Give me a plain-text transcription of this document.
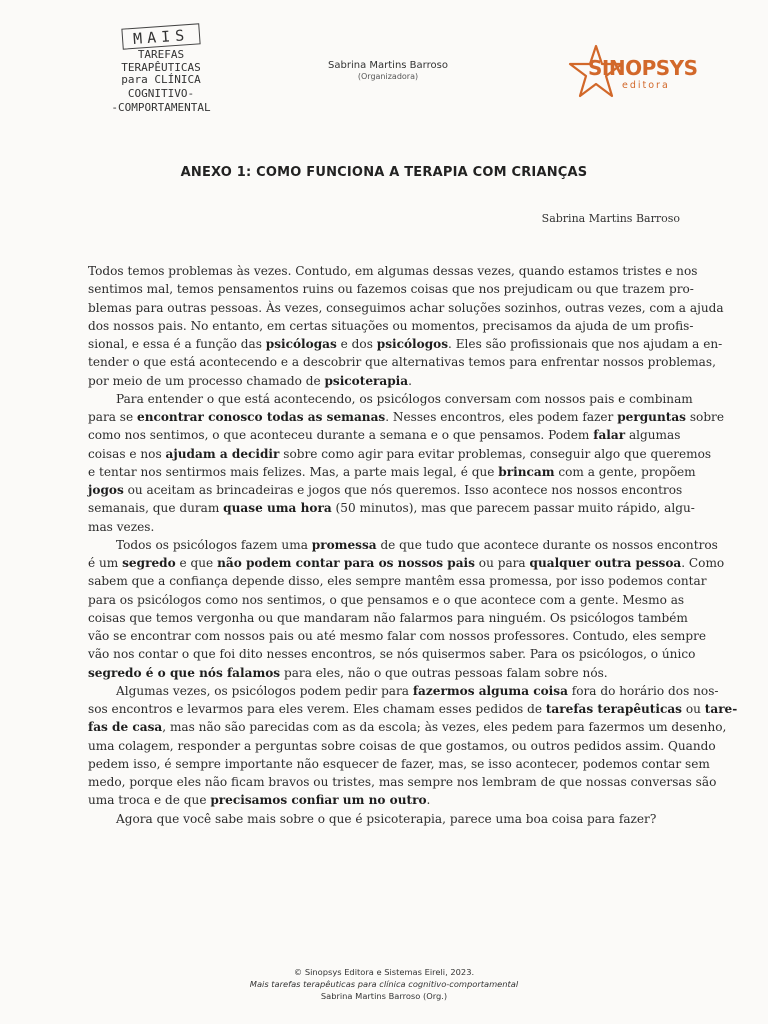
MAIS
TAREFAS
TERAPÊUTICAS
para CLÍNICA
COGNITIVO-
-COMPORTAMENTAL
Sabrina Martins Barroso
(Organizadora)	SINOPSYS
editora
ANEXO 1: COMO FUNCIONA A TERAPIA COM CRIANÇAS
Sabrina Martins Barroso
Todos temos problemas às vezes. Contudo, em algumas dessas vezes, quando estamos tristes e nos
sentimos mal, temos pensamentos ruins ou fazemos coisas que nos prejudicam ou que trazem pro-
blemas para outras pessoas. Às vezes, conseguimos achar soluções sozinhos, outras vezes, com a ajuda
dos nossos pais. No entanto, em certas situações ou momentos, precisamos da ajuda de um profis-
sional, e essa é a função das psicólogas e dos psicólogos. Eles são profissionais que nos ajudam a en-
tender o que está acontecendo e a descobrir que alternativas temos para enfrentar nossos problemas,
por meio de um processo chamado de psicoterapia.
Para entender o que está acontecendo, os psicólogos conversam com nossos pais e combinam
para se encontrar conosco todas as semanas. Nesses encontros, eles podem fazer perguntas sobre
como nos sentimos, o que aconteceu durante a semana e o que pensamos. Podem falar algumas
coisas e nos ajudam a decidir sobre como agir para evitar problemas, conseguir algo que queremos
e tentar nos sentirmos mais felizes. Mas, a parte mais legal, é que brincam com a gente, propõem
jogos ou aceitam as brincadeiras e jogos que nós queremos. Isso acontece nos nossos encontros
semanais, que duram quase uma hora (50 minutos), mas que parecem passar muito rápido, algu-
mas vezes.
Todos os psicólogos fazem uma promessa de que tudo que acontece durante os nossos encontros
é um segredo e que não podem contar para os nossos pais ou para qualquer outra pessoa. Como
sabem que a confiança depende disso, eles sempre mantêm essa promessa, por isso podemos contar
para os psicólogos como nos sentimos, o que pensamos e o que acontece com a gente. Mesmo as
coisas que temos vergonha ou que mandaram não falarmos para ninguém. Os psicólogos também
vão se encontrar com nossos pais ou até mesmo falar com nossos professores. Contudo, eles sempre
vão nos contar o que foi dito nesses encontros, se nós quisermos saber. Para os psicólogos, o único
segredo é o que nós falamos para eles, não o que outras pessoas falam sobre nós.
Algumas vezes, os psicólogos podem pedir para fazermos alguma coisa fora do horário dos nos-
sos encontros e levarmos para eles verem. Eles chamam esses pedidos de tarefas terapêuticas ou tare-
fas de casa, mas não são parecidas com as da escola; às vezes, eles pedem para fazermos um desenho,
uma colagem, responder a perguntas sobre coisas de que gostamos, ou outros pedidos assim. Quando
pedem isso, é sempre importante não esquecer de fazer, mas, se isso acontecer, podemos contar sem
medo, porque eles não ficam bravos ou tristes, mas sempre nos lembram de que nossas conversas são
uma troca e de que precisamos confiar um no outro.
Agora que você sabe mais sobre o que é psicoterapia, parece uma boa coisa para fazer?
© Sinopsys Editora e Sistemas Eireli, 2023.
Mais tarefas terapêuticas para clínica cognitivo-comportamental
Sabrina Martins Barroso (Org.)
